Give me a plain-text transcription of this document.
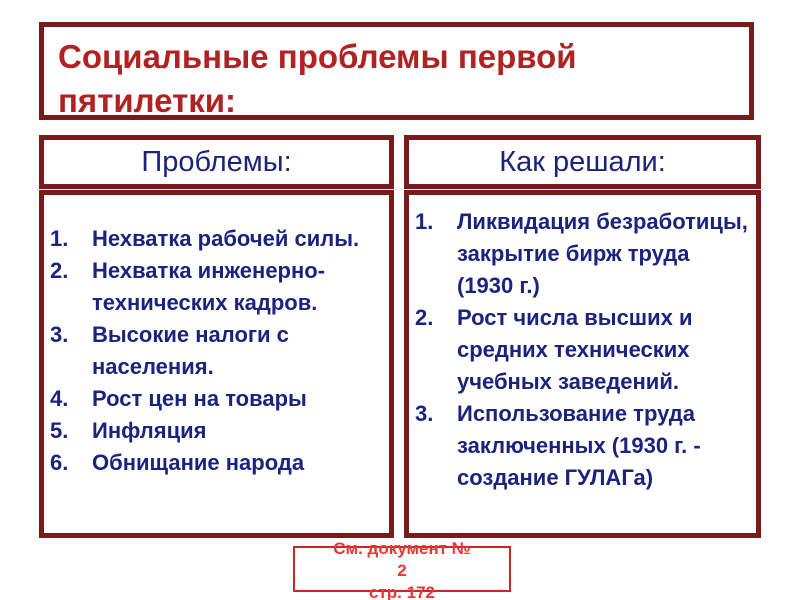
Социальные проблемы первой пятилетки:
Проблемы:	Как решали:
1.	Нехватка рабочей силы.
2.	Нехватка инженерно-технических кадров.
3.	Высокие налоги с населения.
4.	Рост цен на товары
5.	Инфляция
6.	Обнищание народа
1.	Ликвидация безработицы, закрытие бирж труда (1930 г.)
2.	Рост числа высших и средних технических учебных заведений.
3.	Использование труда заключенных (1930 г. - создание ГУЛАГа)
См. документ №
2
стр. 172
